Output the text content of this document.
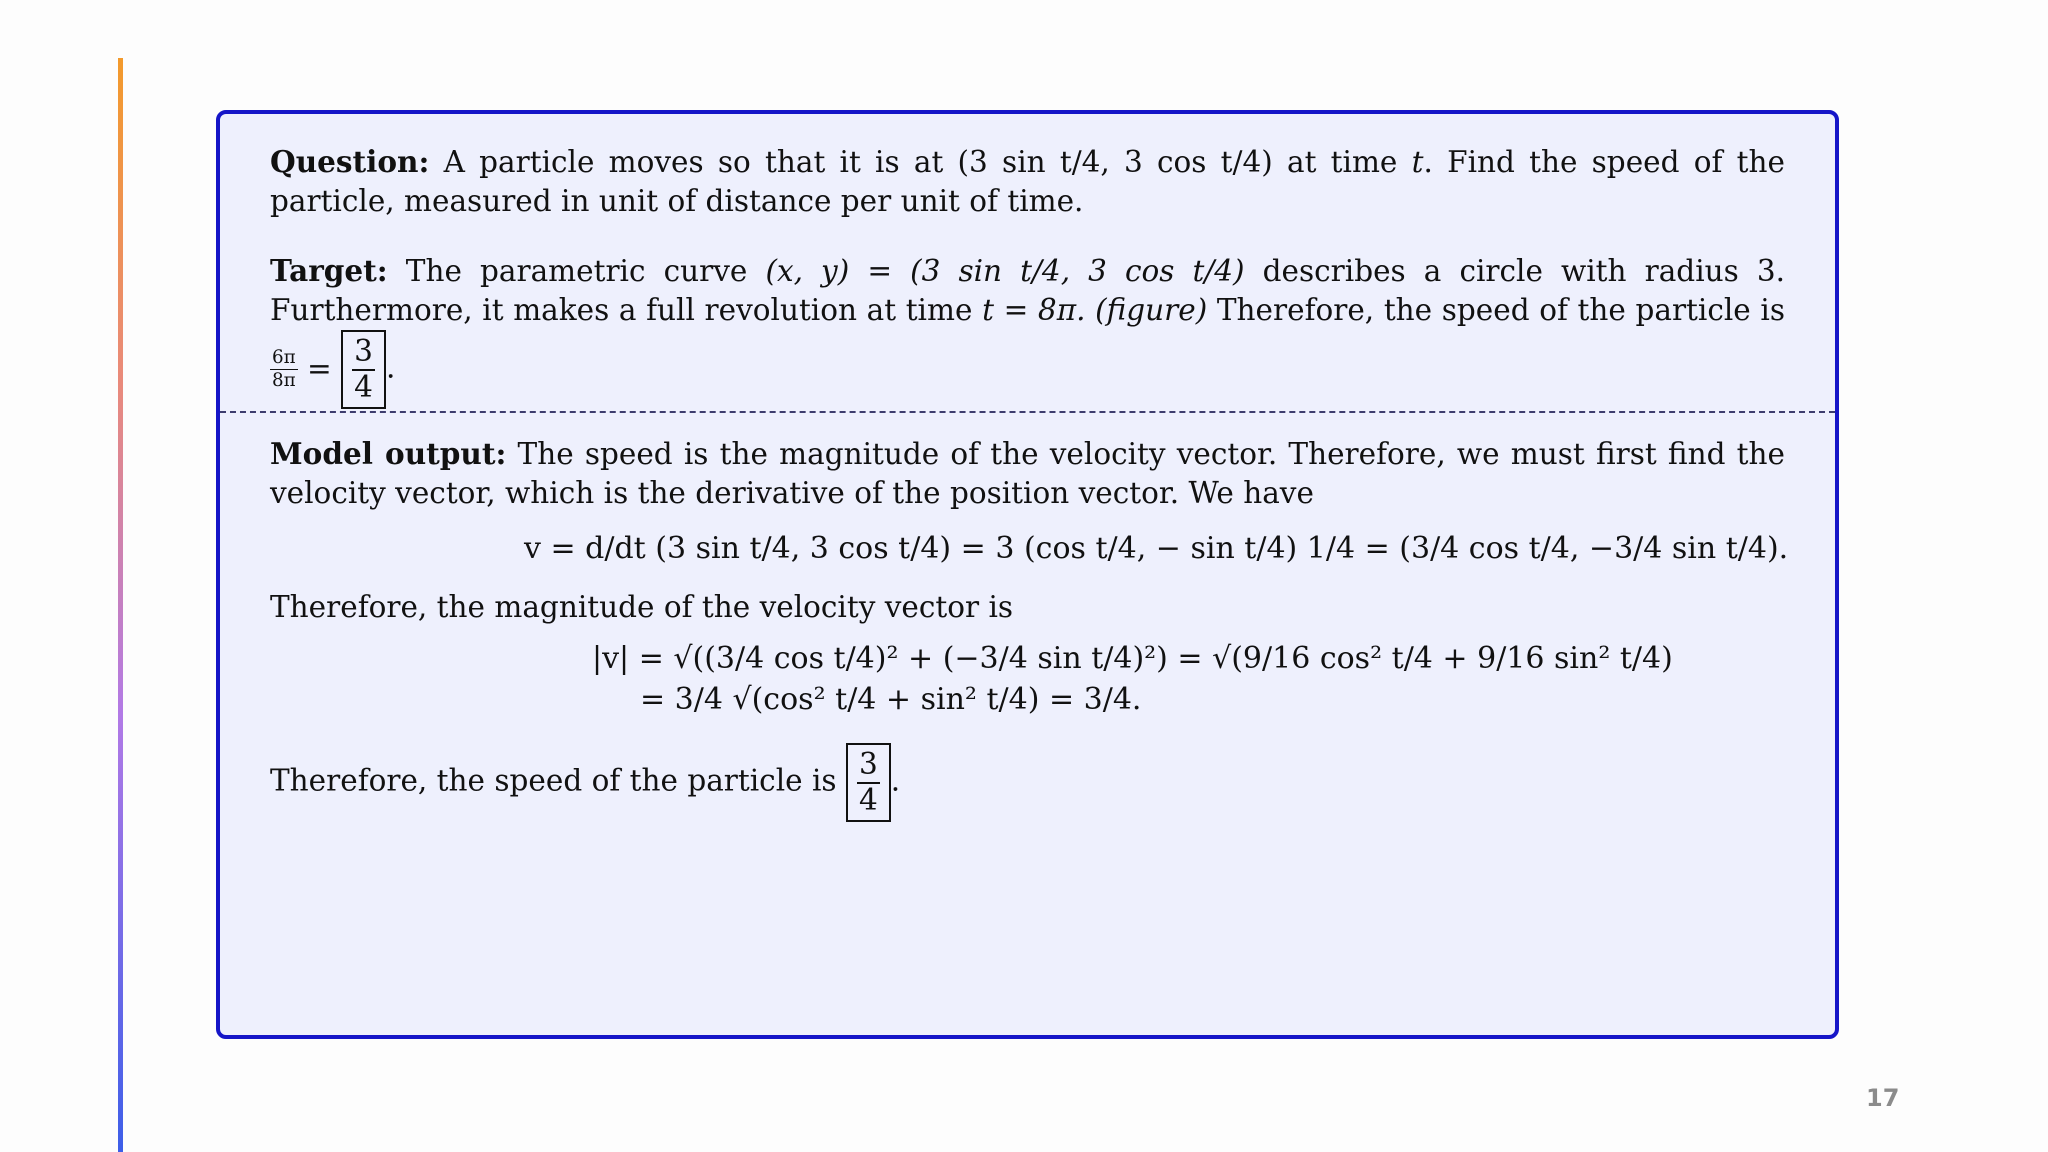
Question: A particle moves so that it is at (3 sin t/4, 3 cos t/4) at time t. Find the speed of the particle, measured in unit of distance per unit of time.

Target: The parametric curve (x, y) = (3 sin t/4, 3 cos t/4) describes a circle with radius 3. Furthermore, it makes a full revolution at time t = 8π. (figure) Therefore, the speed of the particle is
$\frac{6\pi}{8\pi} = \frac{3}{4}$ .

Model output: The speed is the magnitude of the velocity vector. Therefore, we must first find the velocity vector, which is the derivative of the position vector. We have

v = d/dt (3 sin t/4, 3 cos t/4) = 3 (cos t/4, − sin t/4) 1/4 = (3/4 cos t/4, −3/4 sin t/4).

Therefore, the magnitude of the velocity vector is

|v| = √((3/4 cos t/4)² + (−3/4 sin t/4)²) = √(9/16 cos² t/4 + 9/16 sin² t/4)

= 3/4 √(cos² t/4 + sin² t/4) = 3/4.

Therefore, the speed of the particle is $\frac{3}{4}$ .

17
